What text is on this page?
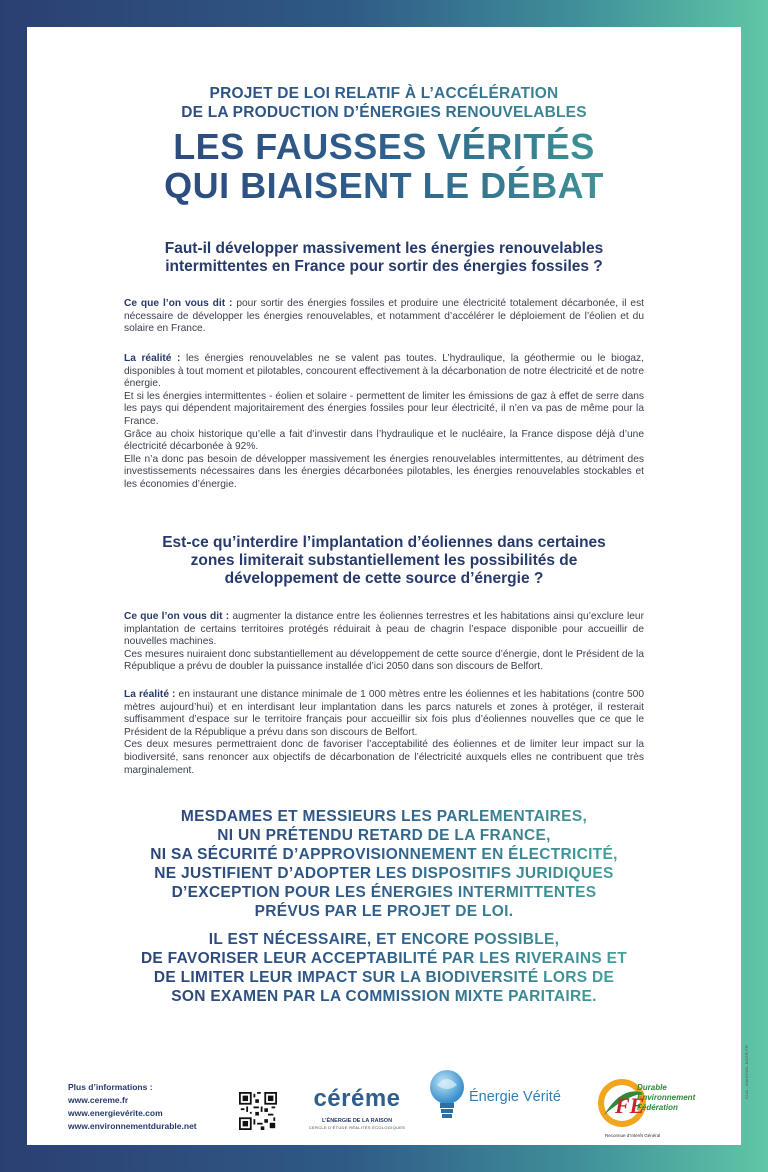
PROJET DE LOI RELATIF À L’ACCÉLÉRATION
DE LA PRODUCTION D’ÉNERGIES RENOUVELABLES
LES FAUSSES VÉRITÉS
QUI BIAISENT LE DÉBAT
Faut-il développer massivement les énergies renouvelables
intermittentes en France pour sortir des énergies fossiles ?

Ce que l’on vous dit : pour sortir des énergies fossiles et produire une électricité totalement décarbonée, il est nécessaire de développer les énergies renouvelables, et notamment d’accélérer le déploiement de l’éolien et du solaire en France.

La réalité : les énergies renouvelables ne se valent pas toutes. L’hydraulique, la géothermie ou le biogaz, disponibles à tout moment et pilotables, concourent effectivement à la décarbonation de notre électricité et de notre énergie.
Et si les énergies intermittentes - éolien et solaire - permettent de limiter les émissions de gaz à effet de serre dans les pays qui dépendent majoritairement des énergies fossiles pour leur électricité, il n’en va pas de même pour la France.
Grâce au choix historique qu’elle a fait d’investir dans l’hydraulique et le nucléaire, la France dispose déjà d’une électricité décarbonée à 92%.
Elle n’a donc pas besoin de développer massivement les énergies renouvelables intermittentes, au détriment des investissements nécessaires dans les énergies décarbonées pilotables, les énergies renouvelables stockables et les économies d’énergie.

Est-ce qu’interdire l’implantation d’éoliennes dans certaines
zones limiterait substantiellement les possibilités de
développement de cette source d’énergie ?

Ce que l’on vous dit : augmenter la distance entre les éoliennes terrestres et les habitations ainsi qu’exclure leur implantation de certains territoires protégés réduirait à peau de chagrin l’espace disponible pour accueillir de nouvelles machines.
Ces mesures nuiraient donc substantiellement au développement de cette source d’énergie, dont le Président de la République a prévu de doubler la puissance installée d’ici 2050 dans son discours de Belfort.

La réalité : en instaurant une distance minimale de 1 000 mètres entre les éoliennes et les habitations (contre 500 mètres aujourd’hui) et en interdisant leur implantation dans les parcs naturels et zones à protéger, il resterait suffisamment d’espace sur le territoire français pour accueillir six fois plus d’éoliennes nouvelles que ce que le Président de la République a prévu dans son discours de Belfort.
Ces deux mesures permettraient donc de favoriser l’acceptabilité des éoliennes et de limiter leur impact sur la biodiversité, sans renoncer aux objectifs de décarbonation de l’électricité auxquels elles ne contribuent que très marginalement.

MESDAMES ET MESSIEURS LES PARLEMENTAIRES,
NI UN PRÉTENDU RETARD DE LA FRANCE,
NI SA SÉCURITÉ D’APPROVISIONNEMENT EN ÉLECTRICITÉ,
NE JUSTIFIENT D’ADOPTER LES DISPOSITIFS JURIDIQUES
D’EXCEPTION POUR LES ÉNERGIES INTERMITTENTES
PRÉVUS PAR LE PROJET DE LOI.
IL EST NÉCESSAIRE, ET ENCORE POSSIBLE,
DE FAVORISER LEUR ACCEPTABILITÉ PAR LES RIVERAINS ET
DE LIMITER LEUR IMPACT SUR LA BIODIVERSITÉ LORS DE
SON EXAMEN PAR LA COMMISSION MIXTE PARITAIRE.
Plus d’informations :
www.cereme.fr
www.energievérite.com
www.environnementdurable.net
céréme
L’ÉNERGIE DE LA RAISON
CERCLE D’ÉTUDE RÉALITÉS ÉCOLOGIQUES
Énergie Vérité FE
Durable
Environnement
Fédération
Reconnue d’Intérêt Général
CUA - IMAGINEL.BZGR.FR
